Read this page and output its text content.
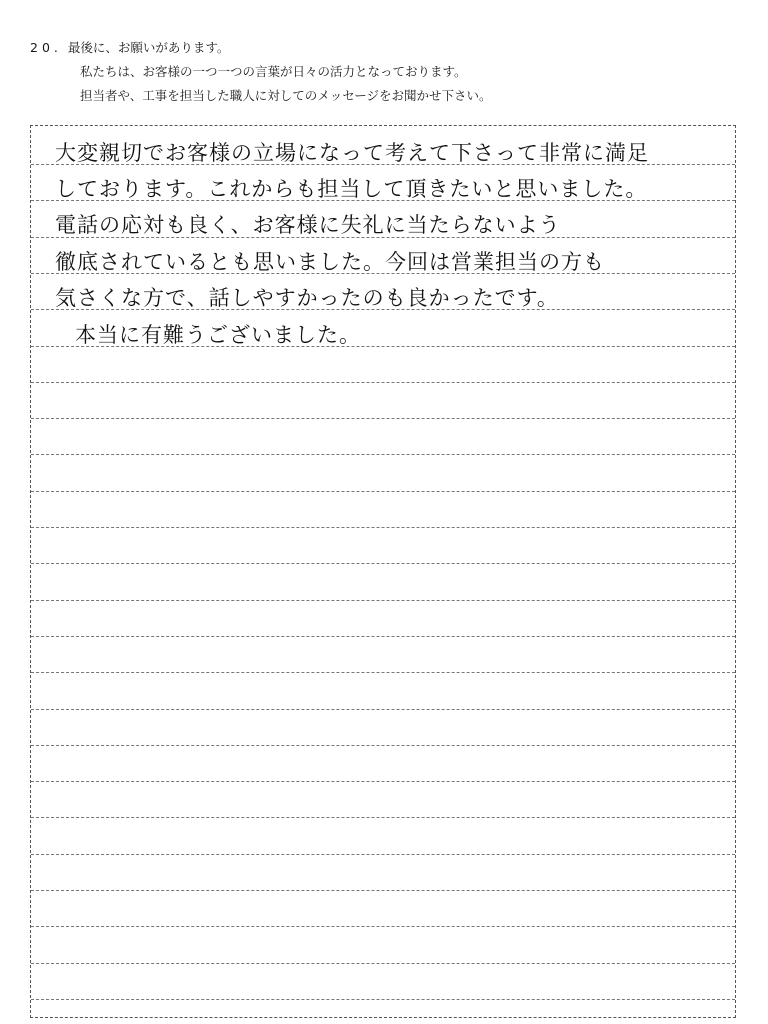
20. 最後に、お願いがあります。
私たちは、お客様の一つ一つの言葉が日々の活力となっております。
担当者や、工事を担当した職人に対してのメッセージをお聞かせ下さい。
大変親切でお客様の立場になって考えて下さって非常に満足
しております。これからも担当して頂きたいと思いました。
電話の応対も良く、お客様に失礼に当たらないよう
徹底されているとも思いました。今回は営業担当の方も
気さくな方で、話しやすかったのも良かったです。
本当に有難うございました。
